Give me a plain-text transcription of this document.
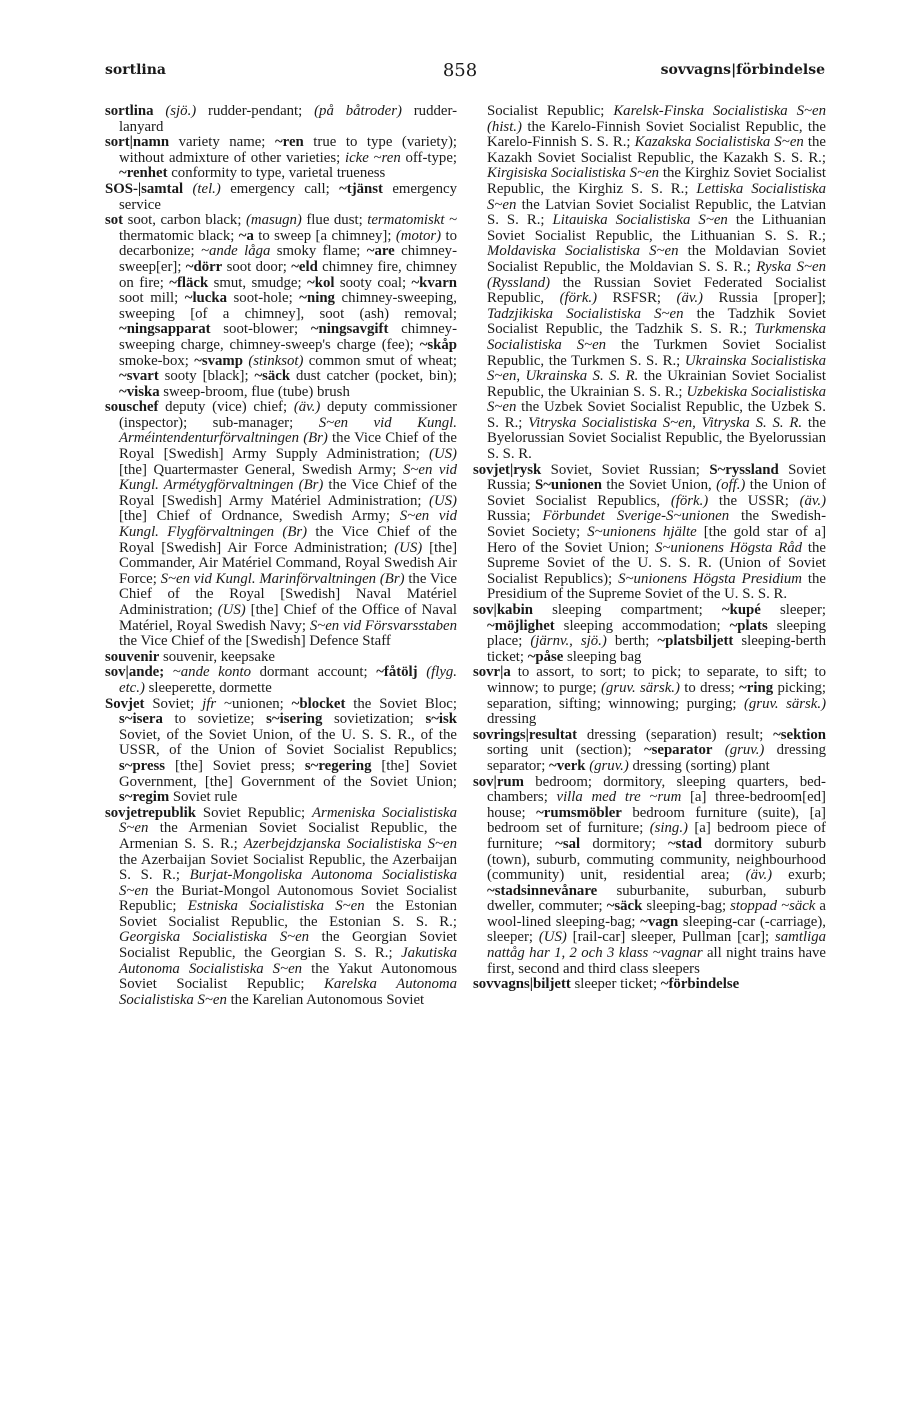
sortlina	858	sovvagns|förbindelse

sortlina (sjö.) rudder-pendant; (på båtroder) rudder-lanyard

sort|namn variety name; ~ren true to type (variety); without admixture of other varieties; icke ~ren off-type; ~renhet conformity to type, varietal trueness

SOS-|samtal (tel.) emergency call; ~tjänst emergency service

sot soot, carbon black; (masugn) flue dust; termatomiskt ~ thermatomic black; ~a to sweep [a chimney]; (motor) to decarbonize; ~ande låga smoky flame; ~are chimney-sweep[er]; ~dörr soot door; ~eld chimney fire, chimney on fire; ~fläck smut, smudge; ~kol sooty coal; ~kvarn soot mill; ~lucka soot-hole; ~ning chimney-sweeping, sweeping [of a chimney], soot (ash) removal; ~ningsapparat soot-blower; ~ningsavgift chimney-sweeping charge, chimney-sweep's charge (fee); ~skåp smoke-box; ~svamp (stinksot) common smut of wheat; ~svart sooty [black]; ~säck dust catcher (pocket, bin); ~viska sweep-broom, flue (tube) brush

souschef deputy (vice) chief; (äv.) deputy commissioner (inspector); sub-manager; S~en vid Kungl. Arméintendenturförvaltningen (Br) the Vice Chief of the Royal [Swedish] Army Supply Administration; (US) [the] Quartermaster General, Swedish Army; S~en vid Kungl. Armétygförvaltningen (Br) the Vice Chief of the Royal [Swedish] Army Matériel Administration; (US) [the] Chief of Ordnance, Swedish Army; S~en vid Kungl. Flygförvaltningen (Br) the Vice Chief of the Royal [Swedish] Air Force Administration; (US) [the] Commander, Air Matériel Command, Royal Swedish Air Force; S~en vid Kungl. Marinförvaltningen (Br) the Vice Chief of the Royal [Swedish] Naval Matériel Administration; (US) [the] Chief of the Office of Naval Matériel, Royal Swedish Navy; S~en vid Försvarsstaben the Vice Chief of the [Swedish] Defence Staff

souvenir souvenir, keepsake

sov|ande; ~ande konto dormant account; ~fåtölj (flyg. etc.) sleeperette, dormette

Sovjet Soviet; jfr ~unionen; ~blocket the Soviet Bloc; s~isera to sovietize; s~isering sovietization; s~isk Soviet, of the Soviet Union, of the U. S. S. R., of the USSR, of the Union of Soviet Socialist Republics; s~press [the] Soviet press; s~regering [the] Soviet Government, [the] Government of the Soviet Union; s~regim Soviet rule

sovjetrepublik Soviet Republic; Armeniska Socialistiska S~en the Armenian Soviet Socialist Republic, the Armenian S. S. R.; Azerbejdzjanska Socialistiska S~en the Azerbaijan Soviet Socialist Republic, the Azerbaijan S. S. R.; Burjat-Mongoliska Autonoma Socialistiska S~en the Buriat-Mongol Autonomous Soviet Socialist Republic; Estniska Socialistiska S~en the Estonian Soviet Socialist Republic, the Estonian S. S. R.; Georgiska Socialistiska S~en the Georgian Soviet Socialist Republic, the Georgian S. S. R.; Jakutiska Autonoma Socialistiska S~en the Yakut Autonomous Soviet Socialist Republic; Karelska Autonoma Socialistiska S~en the Karelian Autonomous Soviet

Socialist Republic; Karelsk-Finska Socialistiska S~en (hist.) the Karelo-Finnish Soviet Socialist Republic, the Karelo-Finnish S. S. R.; Kazakska Socialistiska S~en the Kazakh Soviet Socialist Republic, the Kazakh S. S. R.; Kirgisiska Socialistiska S~en the Kirghiz Soviet Socialist Republic, the Kirghiz S. S. R.; Lettiska Socialistiska S~en the Latvian Soviet Socialist Republic, the Latvian S. S. R.; Litauiska Socialistiska S~en the Lithuanian Soviet Socialist Republic, the Lithuanian S. S. R.; Moldaviska Socialistiska S~en the Moldavian Soviet Socialist Republic, the Moldavian S. S. R.; Ryska S~en (Ryssland) the Russian Soviet Federated Socialist Republic, (förk.) RSFSR; (äv.) Russia [proper]; Tadzjikiska Socialistiska S~en the Tadzhik Soviet Socialist Republic, the Tadzhik S. S. R.; Turkmenska Socialistiska S~en the Turkmen Soviet Socialist Republic, the Turkmen S. S. R.; Ukrainska Socialistiska S~en, Ukrainska S. S. R. the Ukrainian Soviet Socialist Republic, the Ukrainian S. S. R.; Uzbekiska Socialistiska S~en the Uzbek Soviet Socialist Republic, the Uzbek S. S. R.; Vitryska Socialistiska S~en, Vitryska S. S. R. the Byelorussian Soviet Socialist Republic, the Byelorussian S. S. R.

sovjet|rysk Soviet, Soviet Russian; S~ryssland Soviet Russia; S~unionen the Soviet Union, (off.) the Union of Soviet Socialist Republics, (förk.) the USSR; (äv.) Russia; Förbundet Sverige-S~unionen the Swedish-Soviet Society; S~unionens hjälte [the gold star of a] Hero of the Soviet Union; S~unionens Högsta Råd the Supreme Soviet of the U. S. S. R. (Union of Soviet Socialist Republics); S~unionens Högsta Presidium the Presidium of the Supreme Soviet of the U. S. S. R.

sov|kabin sleeping compartment; ~kupé sleeper; ~möjlighet sleeping accommodation; ~plats sleeping place; (järnv., sjö.) berth; ~platsbiljett sleeping-berth ticket; ~påse sleeping bag

sovr|a to assort, to sort; to pick; to separate, to sift; to winnow; to purge; (gruv. särsk.) to dress; ~ring picking; separation, sifting; winnowing; purging; (gruv. särsk.) dressing

sovrings|resultat dressing (separation) result; ~sektion sorting unit (section); ~separator (gruv.) dressing separator; ~verk (gruv.) dressing (sorting) plant

sov|rum bedroom; dormitory, sleeping quarters, bed-chambers; villa med tre ~rum [a] three-bedroom[ed] house; ~rumsmöbler bedroom furniture (suite), [a] bedroom set of furniture; (sing.) [a] bedroom piece of furniture; ~sal dormitory; ~stad dormitory suburb (town), suburb, commuting community, neighbourhood (community) unit, residential area; (äv.) exurb; ~stadsinnevånare suburbanite, suburban, suburb dweller, commuter; ~säck sleeping-bag; stoppad ~säck a wool-lined sleeping-bag; ~vagn sleeping-car (-carriage), sleeper; (US) [rail-car] sleeper, Pullman [car]; samtliga nattåg har 1, 2 och 3 klass ~vagnar all night trains have first, second and third class sleepers

sovvagns|biljett sleeper ticket; ~förbindelse
